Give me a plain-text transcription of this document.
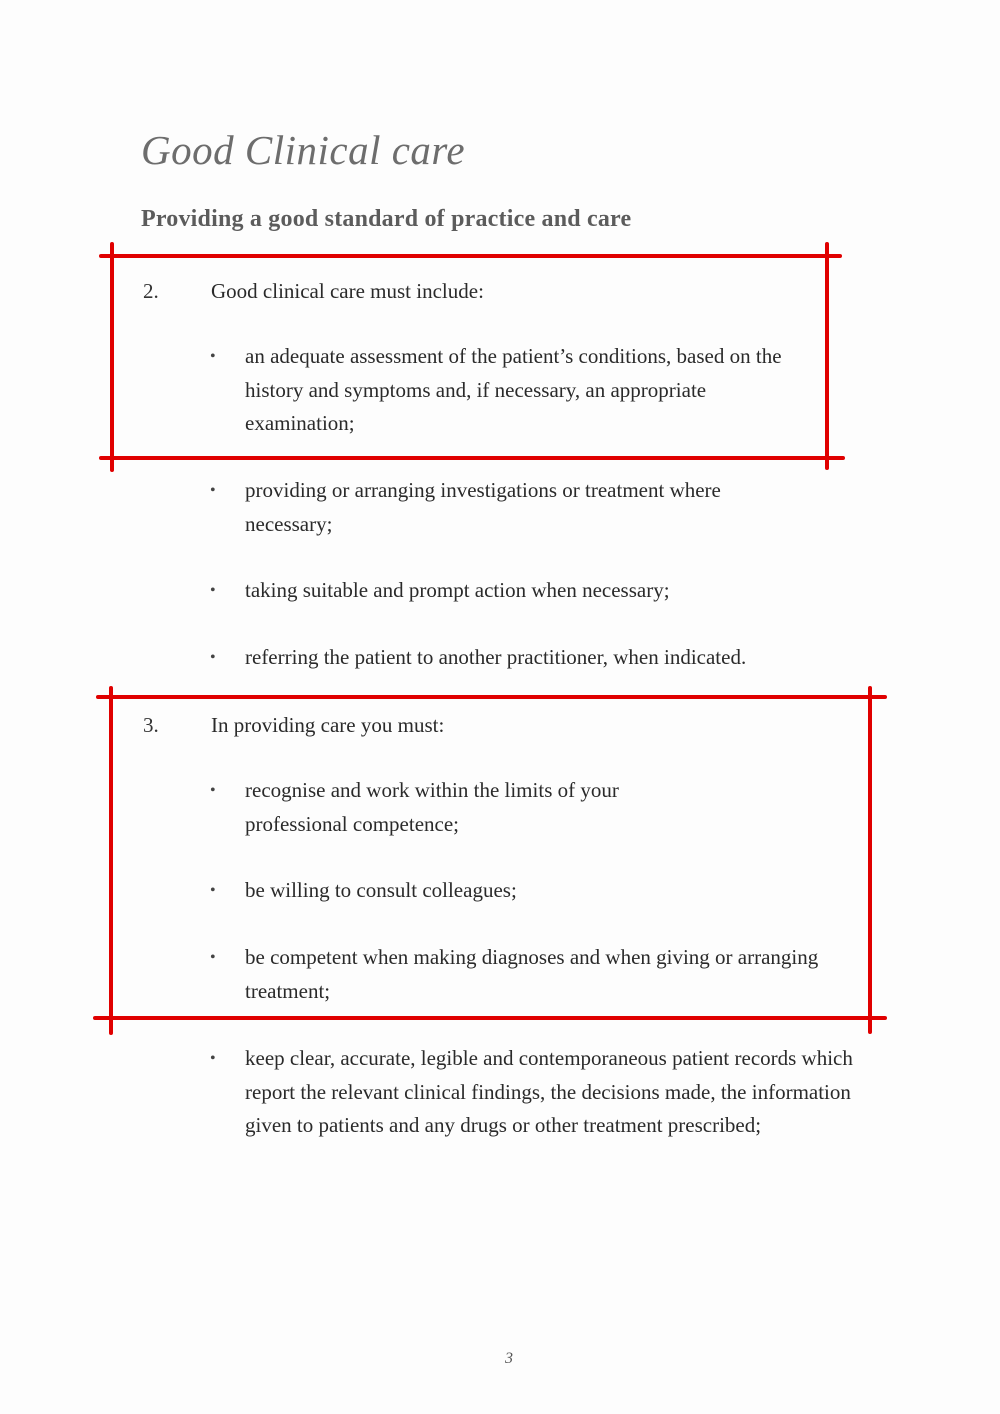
Good Clinical care
Providing a good standard of practice and care
2. Good clinical care must include:
• an adequate assessment of the patient’s conditions, based on the history and symptoms and, if necessary, an appropriate examination;
• providing or arranging investigations or treatment where necessary;
• taking suitable and prompt action when necessary;
• referring the patient to another practitioner, when indicated.
3. In providing care you must:
• recognise and work within the limits of your professional competence;
• be willing to consult colleagues;
• be competent when making diagnoses and when giving or arranging treatment;
• keep clear, accurate, legible and contemporaneous patient records which report the relevant clinical findings, the decisions made, the information given to patients and any drugs or other treatment prescribed;
3
